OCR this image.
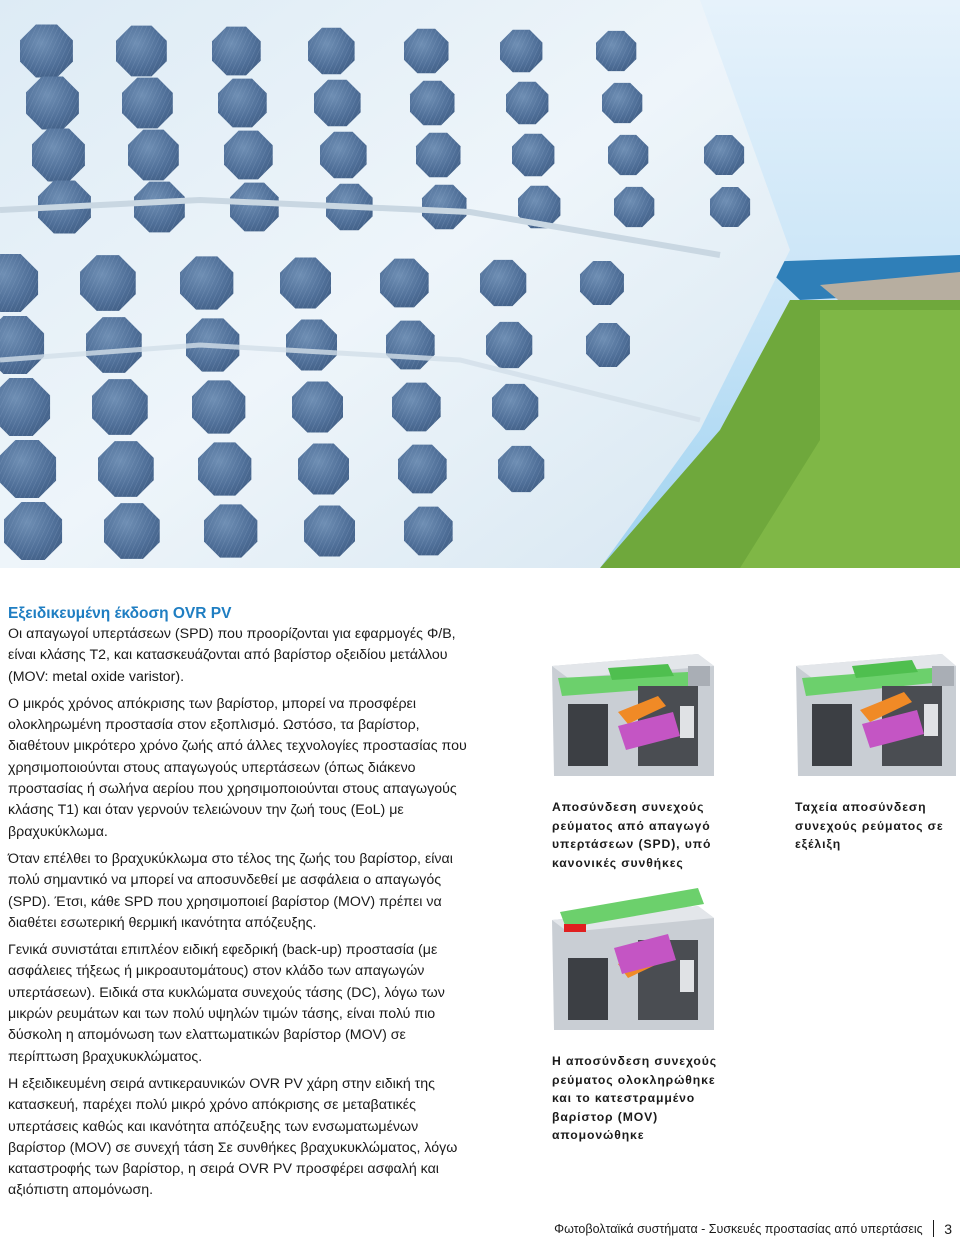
Εξειδικευμένη έκδοση OVR PV

Οι απαγωγοί υπερτάσεων (SPD) που προορίζονται για εφαρμογές Φ/Β, είναι κλάσης T2, και κατασκευάζονται από βαρίστορ οξειδίου μετάλλου (MOV: metal oxide varistor).

Ο μικρός χρόνος απόκρισης των βαρίστορ, μπορεί να προσφέρει ολοκληρωμένη προστασία στον εξοπλισμό. Ωστόσο, τα βαρίστορ, διαθέτουν μικρότερο χρόνο ζωής από άλλες τεχνολογίες προστασίας που χρησιμοποιούνται στους απαγωγούς υπερτάσεων (όπως διάκενο προστασίας ή σωλήνα αερίου που χρησιμοποιούνται στους απαγωγούς κλάσης T1) και όταν γερνούν τελειώνουν την ζωή τους (EoL) με βραχυκύκλωμα.

Όταν επέλθει το βραχυκύκλωμα στο τέλος της ζωής του βαρίστορ, είναι πολύ σημαντικό να μπορεί να αποσυνδεθεί με ασφάλεια ο απαγωγός (SPD). Έτσι, κάθε SPD που χρησιμοποιεί βαρίστορ (MOV) πρέπει να διαθέτει εσωτερική θερμική ικανότητα απόζευξης.

Γενικά συνιστάται επιπλέον ειδική εφεδρική (back-up) προστασία (με ασφάλειες τήξεως ή μικροαυτομάτους) στον κλάδο των απαγωγών υπερτάσεων). Ειδικά στα κυκλώματα συνεχούς τάσης (DC), λόγω των μικρών ρευμάτων και των πολύ υψηλών τιμών τάσης, είναι πολύ πιο δύσκολη η απομόνωση των ελαττωματικών βαρίστορ (MOV) σε περίπτωση βραχυκυκλώματος.

Η εξειδικευμένη σειρά αντικεραυνικών OVR PV χάρη στην ειδική της κατασκευή, παρέχει πολύ μικρό χρόνο απόκρισης σε μεταβατικές υπερτάσεις καθώς και ικανότητα απόζευξης των ενσωματωμένων βαρίστορ (MOV) σε συνεχή τάση Σε συνθήκες βραχυκυκλώματος, λόγω καταστροφής των βαρίστορ, η σειρά OVR PV προσφέρει ασφαλή και αξιόπιστη απομόνωση.

Αποσύνδεση συνεχούς ρεύματος από απαγωγό υπερτάσεων (SPD), υπό κανονικές συνθήκες
Ταχεία αποσύνδεση συνεχούς ρεύματος σε εξέλιξη
Η αποσύνδεση συνεχούς ρεύματος ολοκληρώθηκε και το κατεστραμμένο βαρίστορ (MOV) απομονώθηκε
Φωτοβολταϊκά συστήματα - Συσκευές προστασίας από υπερτάσεις 3
